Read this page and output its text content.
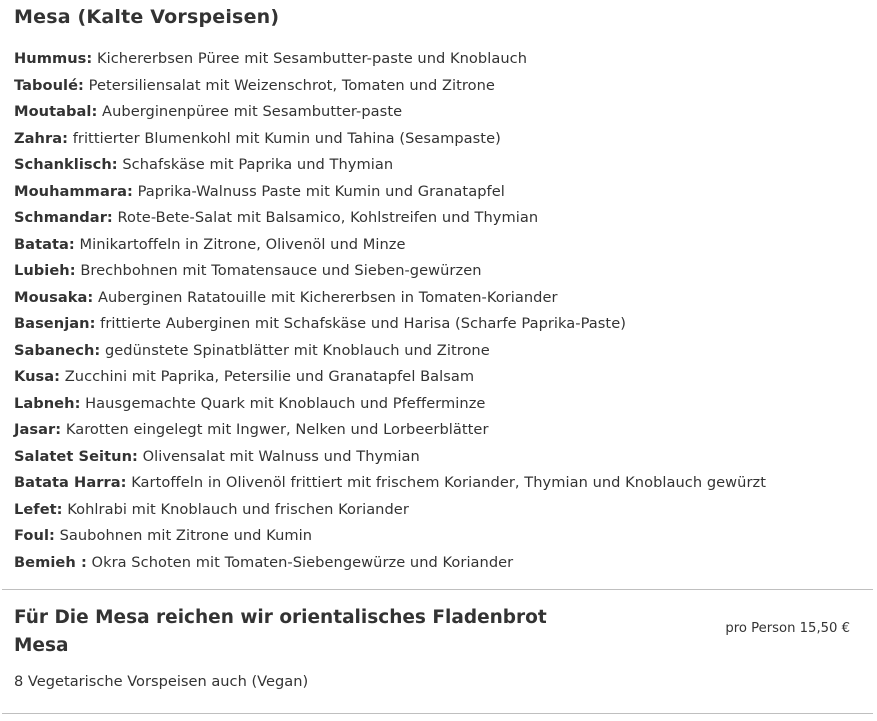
Mesa (Kalte Vorspeisen)
Hummus: Kichererbsen Püree mit Sesambutter-paste und Knoblauch
Taboulé: Petersiliensalat mit Weizenschrot, Tomaten und Zitrone
Moutabal: Auberginenpüree mit Sesambutter-paste
Zahra: frittierter Blumenkohl mit Kumin und Tahina (Sesampaste)
Schanklisch: Schafskäse mit Paprika und Thymian
Mouhammara: Paprika-Walnuss Paste mit Kumin und Granatapfel
Schmandar: Rote-Bete-Salat mit Balsamico, Kohlstreifen und Thymian
Batata: Minikartoffeln in Zitrone, Olivenöl und Minze
Lubieh: Brechbohnen mit Tomatensauce und Sieben-gewürzen
Mousaka: Auberginen Ratatouille mit Kichererbsen in Tomaten-Koriander
Basenjan: frittierte Auberginen mit Schafskäse und Harisa (Scharfe Paprika-Paste)
Sabanech: gedünstete Spinatblätter mit Knoblauch und Zitrone
Kusa: Zucchini mit Paprika, Petersilie und Granatapfel Balsam
Labneh: Hausgemachte Quark mit Knoblauch und Pfefferminze
Jasar: Karotten eingelegt mit Ingwer, Nelken und Lorbeerblätter
Salatet Seitun: Olivensalat mit Walnuss und Thymian
Batata Harra: Kartoffeln in Olivenöl frittiert mit frischem Koriander, Thymian und Knoblauch gewürzt
Lefet: Kohlrabi mit Knoblauch und frischen Koriander
Foul: Saubohnen mit Zitrone und Kumin
Bemieh : Okra Schoten mit Tomaten-Siebengewürze und Koriander
Für Die Mesa reichen wir orientalisches Fladenbrot
Mesa
pro Person 15,50 €
8 Vegetarische Vorspeisen auch (Vegan)
